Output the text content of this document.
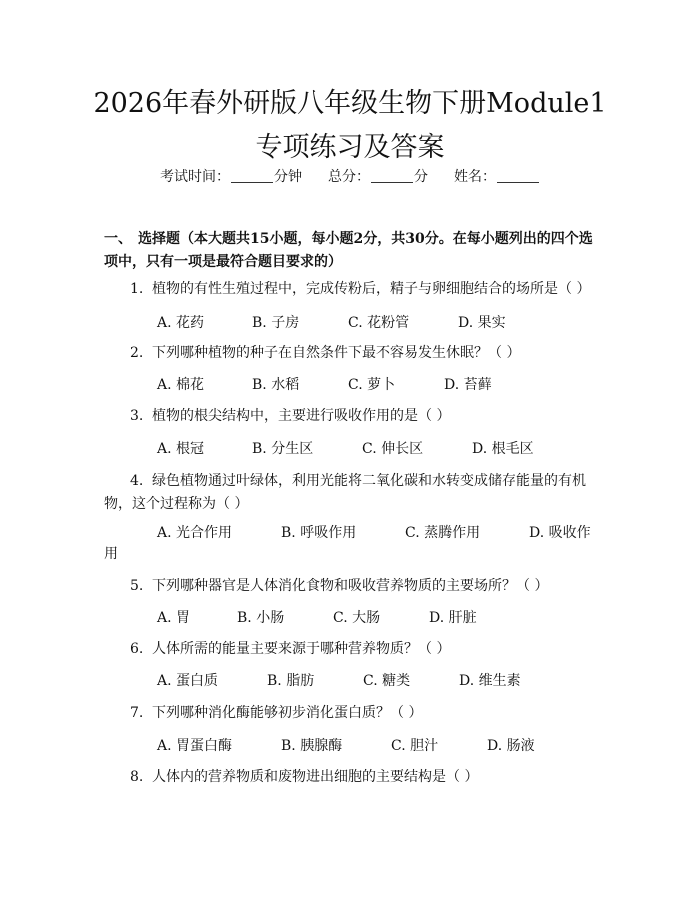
2026年春外研版八年级生物下册Module1专项练习及答案
考试时间：	分钟 总分：	分 姓名：
一、 选择题（本大题共15小题，每小题2分，共30分。在每小题列出的四个选项中，只有一项是最符合题目要求的）
1. 植物的有性生殖过程中，完成传粉后，精子与卵细胞结合的场所是（ ）
A. 花药	B. 子房	C. 花粉管	D. 果实
2. 下列哪种植物的种子在自然条件下最不容易发生休眠？（ ）
A. 棉花	B. 水稻	C. 萝卜	D. 苔藓
3. 植物的根尖结构中，主要进行吸收作用的是（ ）
A. 根冠	B. 分生区	C. 伸长区	D. 根毛区
4. 绿色植物通过叶绿体，利用光能将二氧化碳和水转变成储存能量的有机物，这个过程称为（ ）
A. 光合作用	B. 呼吸作用	C. 蒸腾作用	D. 吸收作
用
5. 下列哪种器官是人体消化食物和吸收营养物质的主要场所？（ ）
A. 胃	B. 小肠	C. 大肠	D. 肝脏
6. 人体所需的能量主要来源于哪种营养物质？（ ）
A. 蛋白质	B. 脂肪	C. 糖类	D. 维生素
7. 下列哪种消化酶能够初步消化蛋白质？（ ）
A. 胃蛋白酶	B. 胰腺酶	C. 胆汁	D. 肠液
8. 人体内的营养物质和废物进出细胞的主要结构是（ ）
